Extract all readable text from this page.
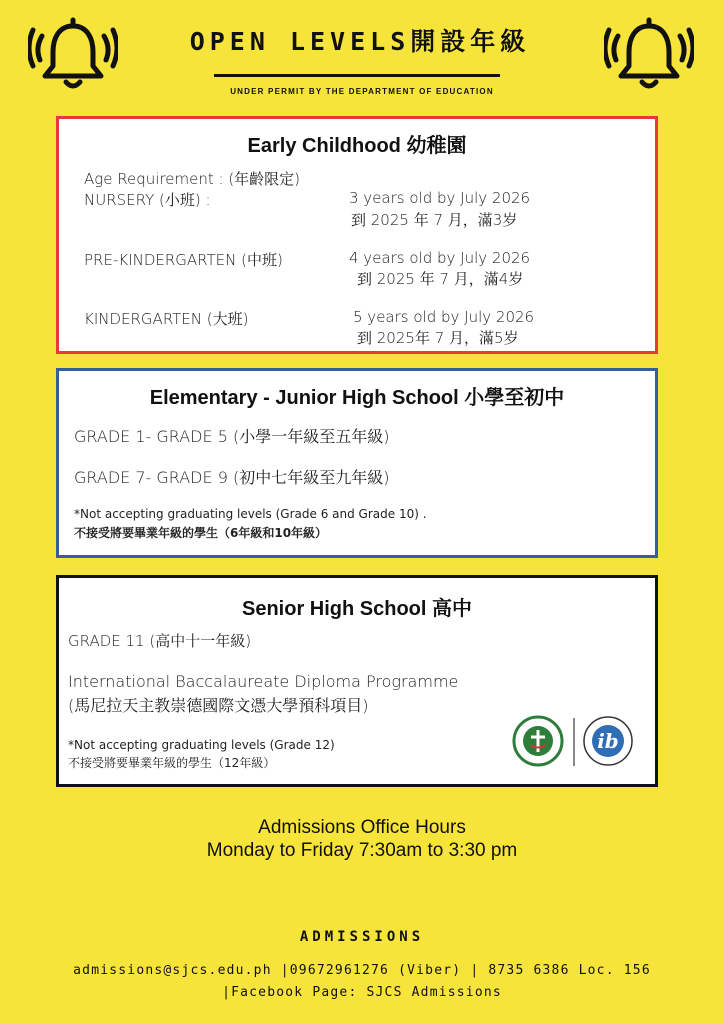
OPEN LEVELS開設年級
UNDER PERMIT BY THE DEPARTMENT OF EDUCATION
Early Childhood 幼稚園
Age Requirement : (年齡限定)
NURSERY (小班) :	3 years old by July 2026
到 2025 年 7 月，滿3岁
PRE-KINDERGARTEN (中班)	4 years old by July 2026
到 2025 年 7 月，滿4岁
KINDERGARTEN (大班)	5 years old by July 2026
到 2025年 7 月，滿5岁
Elementary - Junior High School 小學至初中
GRADE 1- GRADE 5 (小學一年級至五年級)
GRADE 7- GRADE 9 (初中七年級至九年級)
*Not accepting graduating levels (Grade 6 and Grade 10) .
不接受將要畢業年級的學生（6年級和10年級）
Senior High School 高中
GRADE 11 (高中十一年級)
International Baccalaureate Diploma Programme
(馬尼拉天主教崇德國際文憑大學預科項目)
*Not accepting graduating levels (Grade 12)
不接受將要畢業年級的學生（12年級）
ib
Admissions Office Hours
Monday to Friday 7:30am to 3:30 pm
ADMISSIONS
admissions@sjcs.edu.ph |09672961276 (Viber) | 8735 6386 Loc. 156
|Facebook Page: SJCS Admissions
